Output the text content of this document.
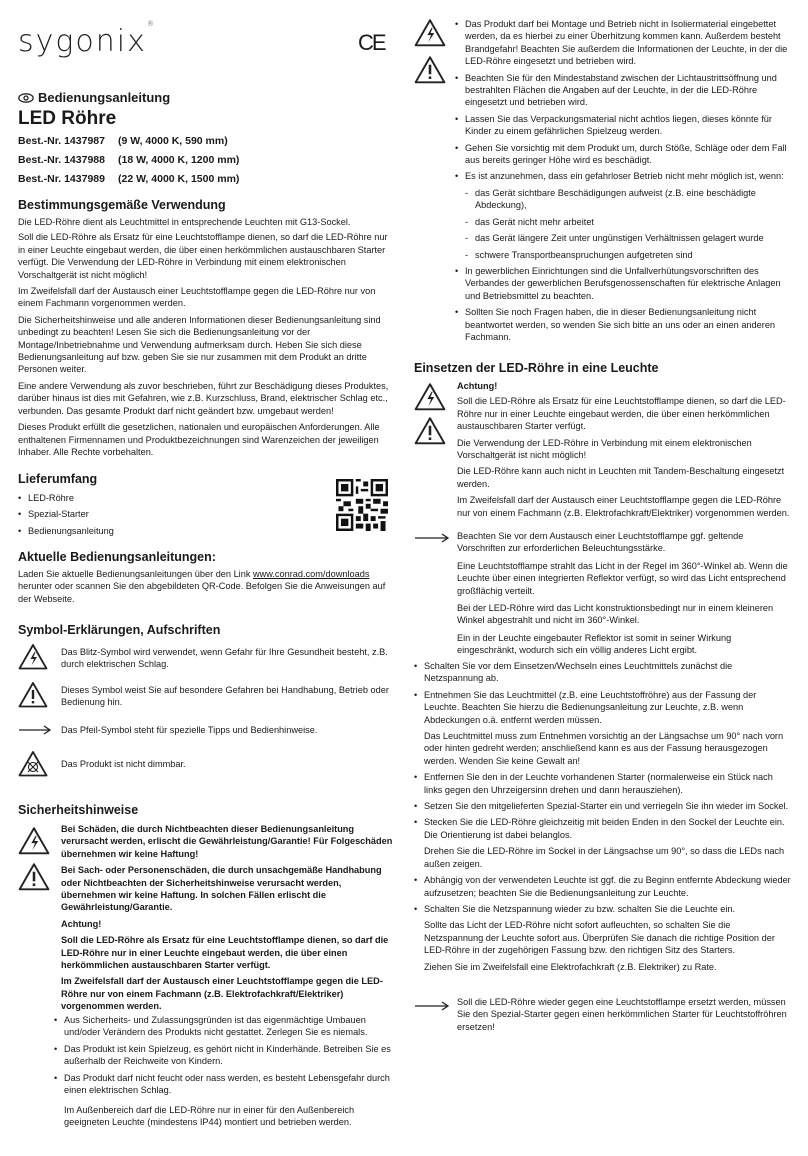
sygonix®
CE
Bedienungsanleitung
LED Röhre
Best.-Nr. 1437987 (9 W, 4000 K, 590 mm)
Best.-Nr. 1437988 (18 W, 4000 K, 1200 mm)
Best.-Nr. 1437989 (22 W, 4000 K, 1500 mm)
Bestimmungsgemäße Verwendung

Die LED-Röhre dient als Leuchtmittel in entsprechende Leuchten mit G13-Sockel.

Soll die LED-Röhre als Ersatz für eine Leuchtstofflampe dienen, so darf die LED-Röhre nur in einer Leuchte eingebaut werden, die über einen herkömmlichen austauschbaren Starter verfügt. Die Verwendung der LED-Röhre in Verbindung mit einem elektronischen Vorschaltgerät ist nicht möglich!

Im Zweifelsfall darf der Austausch einer Leuchtstofflampe gegen die LED-Röhre nur von einem Fachmann vorgenommen werden.

Die Sicherheitshinweise und alle anderen Informationen dieser Bedienungsanleitung sind unbedingt zu beachten! Lesen Sie sich die Bedienungsanleitung vor der Montage/Inbetriebnahme und Verwendung aufmerksam durch. Heben Sie sich diese Bedienungsanleitung auf bzw. geben Sie sie nur zusammen mit dem Produkt an dritte Personen weiter.

Eine andere Verwendung als zuvor beschrieben, führt zur Beschädigung dieses Produktes, darüber hinaus ist dies mit Gefahren, wie z.B. Kurzschluss, Brand, elektrischer Schlag etc., verbunden. Das gesamte Produkt darf nicht geändert bzw. umgebaut werden!

Dieses Produkt erfüllt die gesetzlichen, nationalen und europäischen Anforderungen. Alle enthaltenen Firmennamen und Produktbezeichnungen sind Warenzeichen der jeweiligen Inhaber. Alle Rechte vorbehalten.

Lieferumfang
• LED-Röhre
• Spezial-Starter
• Bedienungsanleitung
Aktuelle Bedienungsanleitungen:

Laden Sie aktuelle Bedienungsanleitungen über den Link www.conrad.com/downloads herunter oder scannen Sie den abgebildeten QR-Code. Befolgen Sie die Anweisungen auf der Webseite.

Symbol-Erklärungen, Aufschriften

Das Blitz-Symbol wird verwendet, wenn Gefahr für Ihre Gesundheit besteht, z.B. durch elektrischen Schlag.

Dieses Symbol weist Sie auf besondere Gefahren bei Handhabung, Betrieb oder Bedienung hin.

Das Pfeil-Symbol steht für spezielle Tipps und Bedienhinweise.

Das Produkt ist nicht dimmbar.

Sicherheitshinweise

Bei Schäden, die durch Nichtbeachten dieser Bedienungsanleitung verursacht werden, erlischt die Gewährleistung/Garantie! Für Folgeschäden übernehmen wir keine Haftung!

Bei Sach- oder Personenschäden, die durch unsachgemäße Handhabung oder Nichtbeachten der Sicherheitshinweise verursacht werden, übernehmen wir keine Haftung. In solchen Fällen erlischt die Gewährleistung/Garantie.

Achtung!

Soll die LED-Röhre als Ersatz für eine Leuchtstofflampe dienen, so darf die LED-Röhre nur in einer Leuchte eingebaut werden, die über einen herkömmlichen austauschbaren Starter verfügt.

Im Zweifelsfall darf der Austausch einer Leuchtstofflampe gegen die LED-Röhre nur von einem Fachmann (z.B. Elektrofachkraft/Elektriker) vorgenommen werden.

• Aus Sicherheits- und Zulassungsgründen ist das eigenmächtige Umbauen und/oder Verändern des Produkts nicht gestattet. Zerlegen Sie es niemals.
• Das Produkt ist kein Spielzeug, es gehört nicht in Kinderhände. Betreiben Sie es außerhalb der Reichweite von Kindern.
• Das Produkt darf nicht feucht oder nass werden, es besteht Lebensgefahr durch einen elektrischen Schlag.

Im Außenbereich darf die LED-Röhre nur in einer für den Außenbereich geeigneten Leuchte (mindestens IP44) montiert und betrieben werden.

• Das Produkt darf bei Montage und Betrieb nicht in Isoliermaterial eingebettet werden, da es hierbei zu einer Überhitzung kommen kann. Außerdem besteht Brandgefahr! Beachten Sie außerdem die Informationen der Leuchte, in der die LED-Röhre eingesetzt und betrieben wird.
• Beachten Sie für den Mindestabstand zwischen der Lichtaustrittsöffnung und bestrahlten Flächen die Angaben auf der Leuchte, in der die LED-Röhre eingesetzt und betrieben wird.
• Lassen Sie das Verpackungsmaterial nicht achtlos liegen, dieses könnte für Kinder zu einem gefährlichen Spielzeug werden.
• Gehen Sie vorsichtig mit dem Produkt um, durch Stöße, Schläge oder dem Fall aus bereits geringer Höhe wird es beschädigt.
• Es ist anzunehmen, dass ein gefahrloser Betrieb nicht mehr möglich ist, wenn:
- das Gerät sichtbare Beschädigungen aufweist (z.B. eine beschädigte Abdeckung),
- das Gerät nicht mehr arbeitet
- das Gerät längere Zeit unter ungünstigen Verhältnissen gelagert wurde
- schwere Transportbeanspruchungen aufgetreten sind
• In gewerblichen Einrichtungen sind die Unfallverhütungsvorschriften des Verbandes der gewerblichen Berufsgenossenschaften für elektrische Anlagen und Betriebsmittel zu beachten.
• Sollten Sie noch Fragen haben, die in dieser Bedienungsanleitung nicht beantwortet werden, so wenden Sie sich bitte an uns oder an einen anderen Fachmann.
Einsetzen der LED-Röhre in eine Leuchte

Achtung!

Soll die LED-Röhre als Ersatz für eine Leuchtstofflampe dienen, so darf die LED-Röhre nur in einer Leuchte eingebaut werden, die über einen herkömmlichen austauschbaren Starter verfügt.

Die Verwendung der LED-Röhre in Verbindung mit einem elektronischen Vorschaltgerät ist nicht möglich!

Die LED-Röhre kann auch nicht in Leuchten mit Tandem-Beschaltung eingesetzt werden.

Im Zweifelsfall darf der Austausch einer Leuchtstofflampe gegen die LED-Röhre nur von einem Fachmann (z.B. Elektrofachkraft/Elektriker) vorgenommen werden.

Beachten Sie vor dem Austausch einer Leuchtstofflampe ggf. geltende Vorschriften zur erforderlichen Beleuchtungsstärke.

Eine Leuchtstofflampe strahlt das Licht in der Regel im 360°-Winkel ab. Wenn die Leuchte über einen integrierten Reflektor verfügt, so wird das Licht entsprechend großflächig verteilt.

Bei der LED-Röhre wird das Licht konstruktionsbedingt nur in einem kleineren Winkel abgestrahlt und nicht im 360°-Winkel.

Ein in der Leuchte eingebauter Reflektor ist somit in seiner Wirkung eingeschränkt, wodurch sich ein völlig anderes Licht ergibt.

• Schalten Sie vor dem Einsetzen/Wechseln eines Leuchtmittels zunächst die Netzspannung ab.
• Entnehmen Sie das Leuchtmittel (z.B. eine Leuchtstoffröhre) aus der Fassung der Leuchte. Beachten Sie hierzu die Bedienungsanleitung zur Leuchte, z.B. wenn Abdeckungen o.ä. entfernt werden müssen.

Das Leuchtmittel muss zum Entnehmen vorsichtig an der Längsachse um 90° nach vorn oder hinten gedreht werden; anschließend kann es aus der Fassung herausgezogen werden. Wenden Sie keine Gewalt an!

• Entfernen Sie den in der Leuchte vorhandenen Starter (normalerweise ein Stück nach links gegen den Uhrzeigersinn drehen und dann herausziehen).
• Setzen Sie den mitgelieferten Spezial-Starter ein und verriegeln Sie ihn wieder im Sockel.
• Stecken Sie die LED-Röhre gleichzeitig mit beiden Enden in den Sockel der Leuchte ein. Die Orientierung ist dabei belanglos.

Drehen Sie die LED-Röhre im Sockel in der Längsachse um 90°, so dass die LEDs nach außen zeigen.

• Abhängig von der verwendeten Leuchte ist ggf. die zu Beginn entfernte Abdeckung wieder aufzusetzen; beachten Sie die Bedienungsanleitung zur Leuchte.
• Schalten Sie die Netzspannung wieder zu bzw. schalten Sie die Leuchte ein.

Sollte das Licht der LED-Röhre nicht sofort aufleuchten, so schalten Sie die Netzspannung der Leuchte sofort aus. Überprüfen Sie danach die richtige Position der LED-Röhre in der zugehörigen Fassung bzw. den richtigen Sitz des Starters.

Ziehen Sie im Zweifelsfall eine Elektrofachkraft (z.B. Elektriker) zu Rate.

Soll die LED-Röhre wieder gegen eine Leuchtstofflampe ersetzt werden, müssen Sie den Spezial-Starter gegen einen herkömmlichen Starter für Leuchtstoffröhren ersetzen!
